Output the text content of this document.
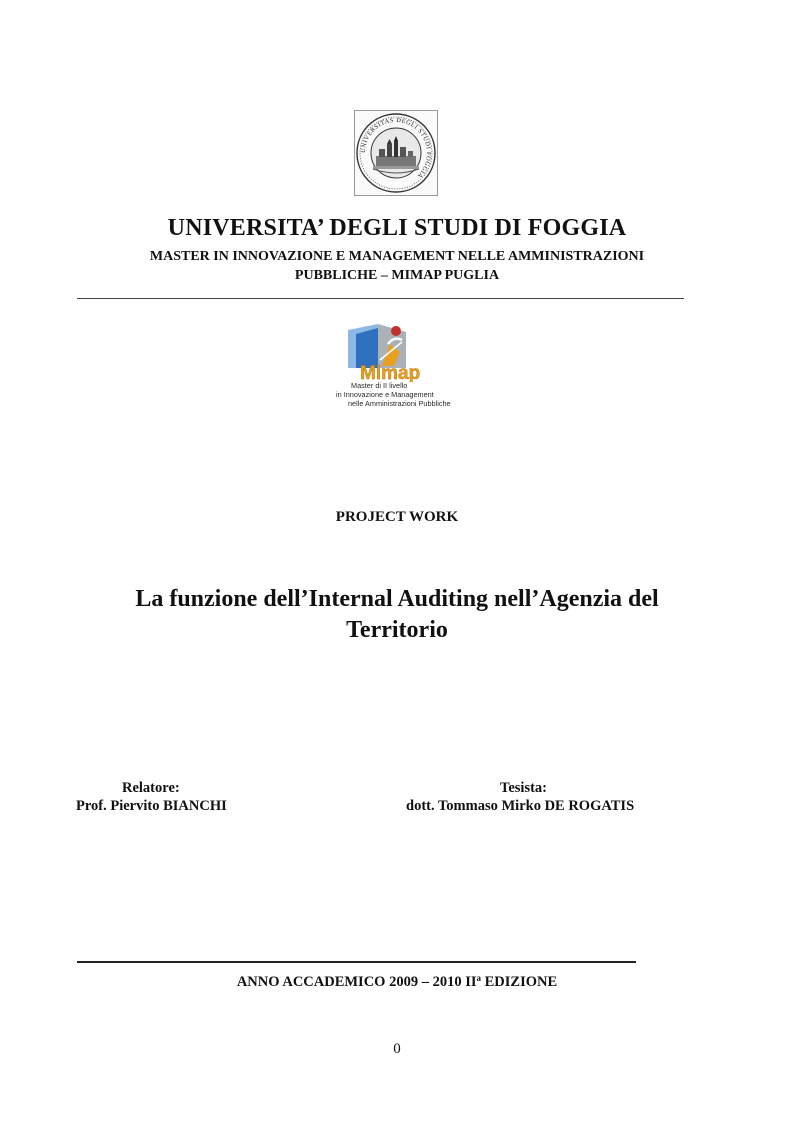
UNIVERSITAS DEGLI STUDI FOGGIA
UNIVERSITA’ DEGLI STUDI DI FOGGIA
MASTER IN INNOVAZIONE E MANAGEMENT NELLE AMMINISTRAZIONI
PUBBLICHE – MIMAP PUGLIA
Mimap
Master di II livello
in Innovazione e Management
nelle Amministrazioni Pubbliche
PROJECT WORK
La funzione dell’Internal Auditing nell’Agenzia del
Territorio
Relatore:
Prof. Piervito BIANCHI
Tesista:
dott. Tommaso Mirko DE ROGATIS
ANNO ACCADEMICO 2009 – 2010 $II^a$ EDIZIONE
0
